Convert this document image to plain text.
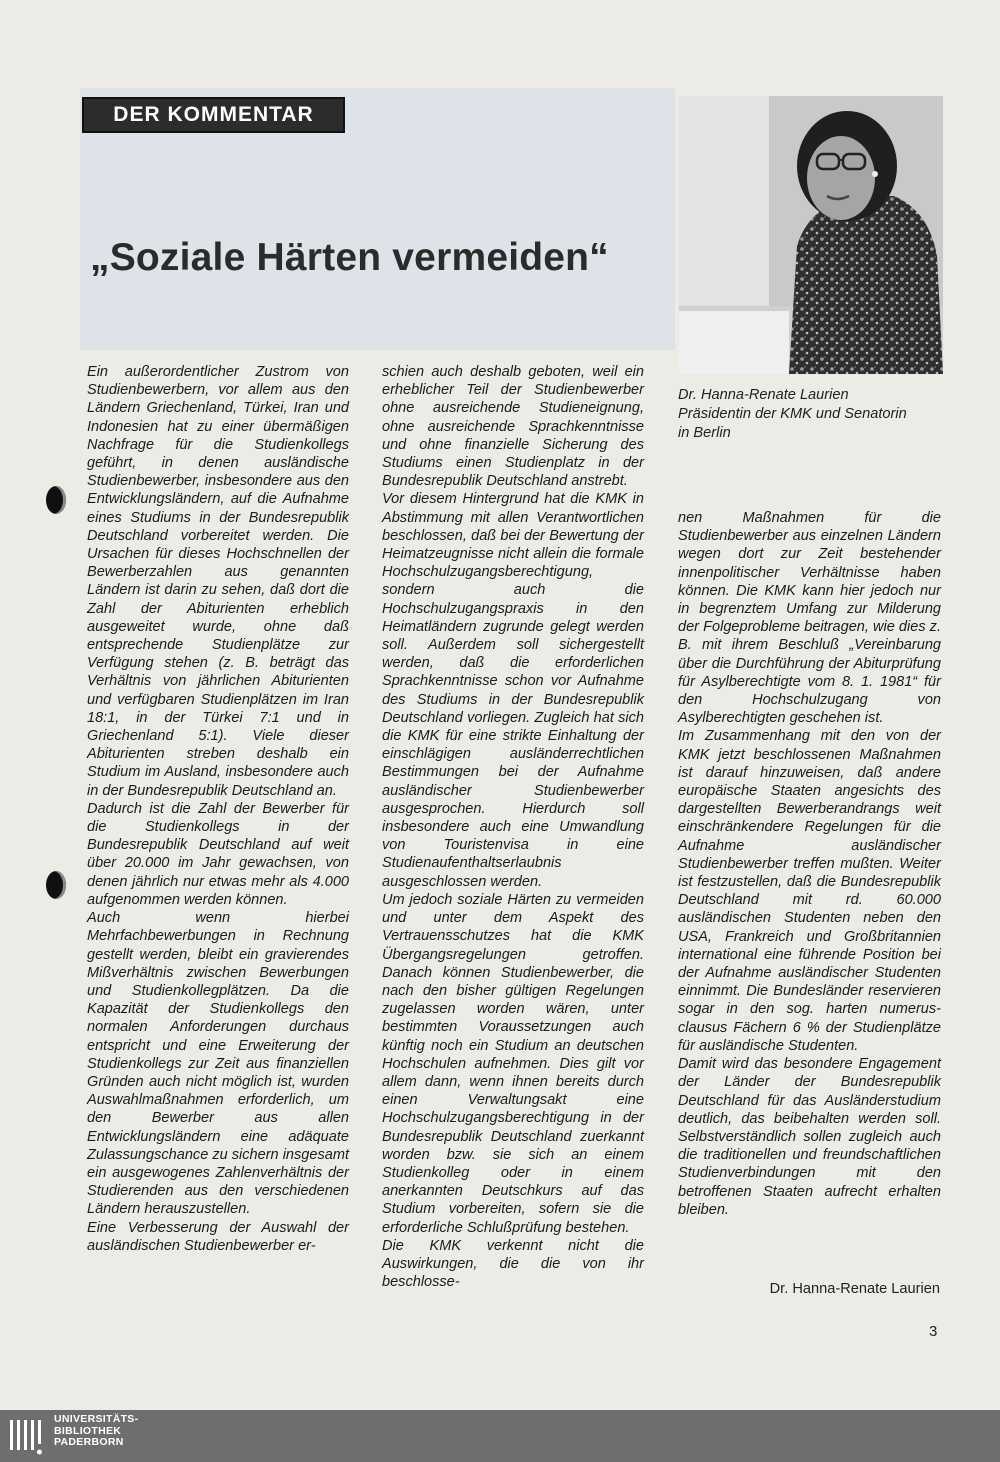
DER KOMMENTAR
„Soziale Härten vermeiden“
Dr. Hanna-Renate Laurien
Präsidentin der KMK und Senatorin
in Berlin

Ein außerordentlicher Zustrom von Studienbewerbern, vor allem aus den Ländern Griechenland, Türkei, Iran und Indonesien hat zu einer übermäßigen Nachfrage für die Studienkollegs geführt, in denen ausländische Studienbewerber, insbesondere aus den Entwicklungsländern, auf die Aufnahme eines Studiums in der Bundesrepublik Deutschland vorbereitet werden. Die Ursachen für dieses Hochschnellen der Bewerberzahlen aus genannten Ländern ist darin zu sehen, daß dort die Zahl der Abiturienten erheblich ausgeweitet wurde, ohne daß entsprechende Studienplätze zur Verfügung stehen (z. B. beträgt das Verhältnis von jährlichen Abiturienten und verfügbaren Studienplätzen im Iran 18:1, in der Türkei 7:1 und in Griechenland 5:1). Viele dieser Abiturienten streben deshalb ein Studium im Ausland, insbesondere auch in der Bundesrepublik Deutschland an.

Dadurch ist die Zahl der Bewerber für die Studienkollegs in der Bundesrepublik Deutschland auf weit über 20.000 im Jahr gewachsen, von denen jährlich nur etwas mehr als 4.000 aufgenommen werden können.

Auch wenn hierbei Mehrfachbewerbungen in Rechnung gestellt werden, bleibt ein gravierendes Mißverhältnis zwischen Bewerbungen und Studienkollegplätzen. Da die Kapazität der Studienkollegs den normalen Anforderungen durchaus entspricht und eine Erweiterung der Studienkollegs zur Zeit aus finanziellen Gründen auch nicht möglich ist, wurden Auswahlmaßnahmen erforderlich, um den Bewerber aus allen Entwicklungsländern eine adäquate Zulassungschance zu sichern insgesamt ein ausgewogenes Zahlenverhältnis der Studierenden aus den verschiedenen Ländern herauszustellen.

Eine Verbesserung der Auswahl der ausländischen Studienbewerber er-

schien auch deshalb geboten, weil ein erheblicher Teil der Studienbewerber ohne ausreichende Studieneignung, ohne ausreichende Sprachkenntnisse und ohne finanzielle Sicherung des Studiums einen Studienplatz in der Bundesrepublik Deutschland anstrebt.

Vor diesem Hintergrund hat die KMK in Abstimmung mit allen Verantwortlichen beschlossen, daß bei der Bewertung der Heimatzeugnisse nicht allein die formale Hochschulzugangsberechtigung, sondern auch die Hochschulzugangspraxis in den Heimatländern zugrunde gelegt werden soll. Außerdem soll sichergestellt werden, daß die erforderlichen Sprachkenntnisse schon vor Aufnahme des Studiums in der Bundesrepublik Deutschland vorliegen. Zugleich hat sich die KMK für eine strikte Einhaltung der einschlägigen ausländerrechtlichen Bestimmungen bei der Aufnahme ausländischer Studienbewerber ausgesprochen. Hierdurch soll insbesondere auch eine Umwandlung von Touristenvisa in eine Studienaufenthaltserlaubnis ausgeschlossen werden.

Um jedoch soziale Härten zu vermeiden und unter dem Aspekt des Vertrauensschutzes hat die KMK Übergangsregelungen getroffen. Danach können Studienbewerber, die nach den bisher gültigen Regelungen zugelassen worden wären, unter bestimmten Voraussetzungen auch künftig noch ein Studium an deutschen Hochschulen aufnehmen. Dies gilt vor allem dann, wenn ihnen bereits durch einen Verwaltungsakt eine Hochschulzugangsberechtigung in der Bundesrepublik Deutschland zuerkannt worden bzw. sie sich an einem Studienkolleg oder in einem anerkannten Deutschkurs auf das Studium vorbereiten, sofern sie die erforderliche Schlußprüfung bestehen.

Die KMK verkennt nicht die Auswirkungen, die die von ihr beschlosse-

nen Maßnahmen für die Studienbewerber aus einzelnen Ländern wegen dort zur Zeit bestehender innenpolitischer Verhältnisse haben können. Die KMK kann hier jedoch nur in begrenztem Umfang zur Milderung der Folgeprobleme beitragen, wie dies z. B. mit ihrem Beschluß „Vereinbarung über die Durchführung der Abiturprüfung für Asylberechtigte vom 8. 1. 1981“ für den Hochschulzugang von Asylberechtigten geschehen ist.

Im Zusammenhang mit den von der KMK jetzt beschlossenen Maßnahmen ist darauf hinzuweisen, daß andere europäische Staaten angesichts des dargestellten Bewerberandrangs weit einschränkendere Regelungen für die Aufnahme ausländischer Studienbewerber treffen mußten. Weiter ist festzustellen, daß die Bundesrepublik Deutschland mit rd. 60.000 ausländischen Studenten neben den USA, Frankreich und Großbritannien international eine führende Position bei der Aufnahme ausländischer Studenten einnimmt. Die Bundesländer reservieren sogar in den sog. harten numerus-clausus Fächern 6 % der Studienplätze für ausländische Studenten.

Damit wird das besondere Engagement der Länder der Bundesrepublik Deutschland für das Ausländerstudium deutlich, das beibehalten werden soll. Selbstverständlich sollen zugleich auch die traditionellen und freundschaftlichen Studienverbindungen mit den betroffenen Staaten aufrecht erhalten bleiben.

Dr. Hanna-Renate Laurien
3
UNIVERSITÄTS-
BIBLIOTHEK
PADERBORN
